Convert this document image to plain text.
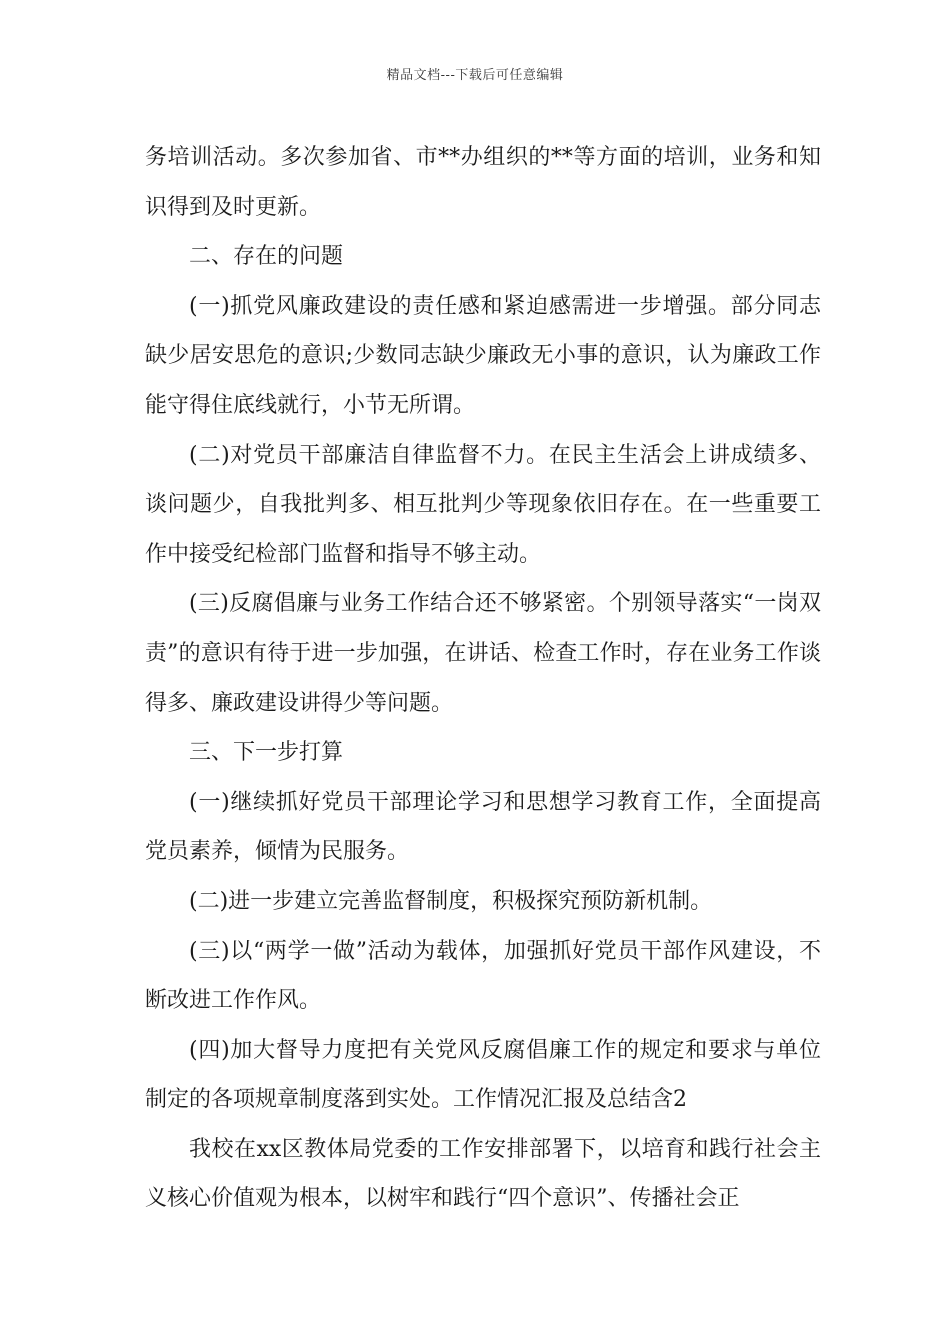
精品文档---下载后可任意编辑

务培训活动。多次参加省、市**办组织的**等方面的培训，业务和知识得到及时更新。

二、存在的问题

(一)抓党风廉政建设的责任感和紧迫感需进一步增强。部分同志缺少居安思危的意识;少数同志缺少廉政无小事的意识，认为廉政工作能守得住底线就行，小节无所谓。

(二)对党员干部廉洁自律监督不力。在民主生活会上讲成绩多、谈问题少，自我批判多、相互批判少等现象依旧存在。在一些重要工作中接受纪检部门监督和指导不够主动。

(三)反腐倡廉与业务工作结合还不够紧密。个别领导落实“一岗双责”的意识有待于进一步加强，在讲话、检查工作时，存在业务工作谈得多、廉政建设讲得少等问题。

三、下一步打算

(一)继续抓好党员干部理论学习和思想学习教育工作，全面提高党员素养，倾情为民服务。

(二)进一步建立完善监督制度，积极探究预防新机制。

(三)以“两学一做”活动为载体，加强抓好党员干部作风建设，不断改进工作作风。

(四)加大督导力度把有关党风反腐倡廉工作的规定和要求与单位制定的各项规章制度落到实处。工作情况汇报及总结含2

我校在xx区教体局党委的工作安排部署下，以培育和践行社会主义核心价值观为根本，以树牢和践行“四个意识”、传播社会正
